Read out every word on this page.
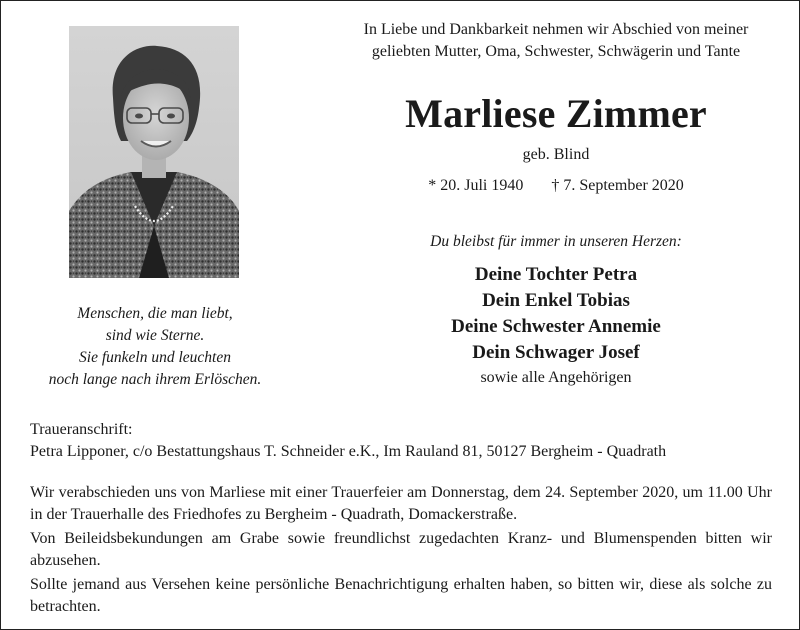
Menschen, die man liebt,
sind wie Sterne.
Sie funkeln und leuchten
noch lange nach ihrem Erlöschen.
In Liebe und Dankbarkeit nehmen wir Abschied von meiner
geliebten Mutter, Oma, Schwester, Schwägerin und Tante
Marliese Zimmer
geb. Blind
* 20. Juli 1940 † 7. September 2020
Du bleibst für immer in unseren Herzen:
Deine Tochter Petra
Dein Enkel Tobias
Deine Schwester Annemie
Dein Schwager Josef
sowie alle Angehörigen
Traueranschrift:
Petra Lipponer, c/o Bestattungshaus T. Schneider e.K., Im Rauland 81, 50127 Bergheim - Quadrath

Wir verabschieden uns von Marliese mit einer Trauerfeier am Donnerstag, dem 24. September 2020, um 11.00 Uhr in der Trauerhalle des Friedhofes zu Bergheim - Quadrath, Domackerstraße.

Von Beileidsbekundungen am Grabe sowie freundlichst zugedachten Kranz- und Blumenspenden bitten wir abzusehen.

Sollte jemand aus Versehen keine persönliche Benachrichtigung erhalten haben, so bitten wir, diese als solche zu betrachten.
